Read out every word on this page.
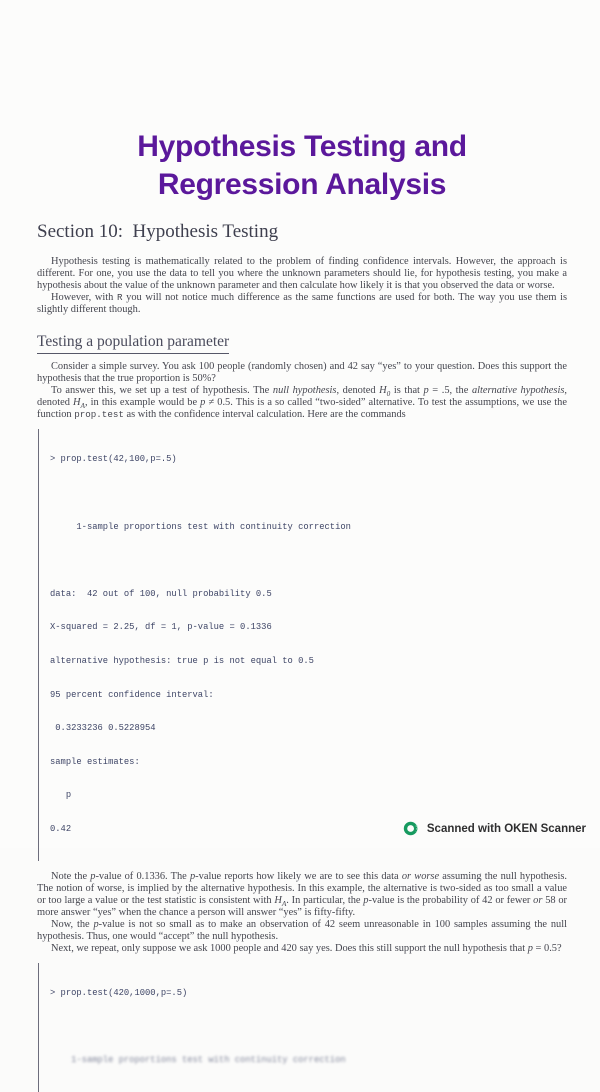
Hypothesis Testing and
Regression Analysis
Section 10:  Hypothesis Testing

Hypothesis testing is mathematically related to the problem of finding confidence intervals. However, the approach is different. For one, you use the data to tell you where the unknown parameters should lie, for hypothesis testing, you make a hypothesis about the value of the unknown parameter and then calculate how likely it is that you observed the data or worse.

However, with R you will not notice much difference as the same functions are used for both. The way you use them is slightly different though.

Testing a population parameter

Consider a simple survey. You ask 100 people (randomly chosen) and 42 say “yes” to your question. Does this support the hypothesis that the true proportion is 50%?

To answer this, we set up a test of hypothesis. The null hypothesis, denoted $H_0$ is that p = .5, the alternative hypothesis, denoted $H_A$, in this example would be p ≠ 0.5. This is a so called “two-sided” alternative. To test the assumptions, we use the function prop.test as with the confidence interval calculation. Here are the commands

> prop.test(42,100,p=.5)

1-sample proportions test with continuity correction

data:  42 out of 100, null probability 0.5

X-squared = 2.25, df = 1, p-value = 0.1336

alternative hypothesis: true p is not equal to 0.5

95 percent confidence interval:

0.3233236 0.5228954

sample estimates:

p

0.42

Note the p-value of 0.1336. The p-value reports how likely we are to see this data or worse assuming the null hypothesis. The notion of worse, is implied by the alternative hypothesis. In this example, the alternative is two-sided as too small a value or too large a value or the test statistic is consistent with $H_A$. In particular, the p-value is the probability of 42 or fewer or 58 or more answer “yes” when the chance a person will answer “yes” is fifty-fifty.

Now, the p-value is not so small as to make an observation of 42 seem unreasonable in 100 samples assuming the null hypothesis. Thus, one would “accept” the null hypothesis.

Next, we repeat, only suppose we ask 1000 people and 420 say yes. Does this still support the null hypothesis that p = 0.5?

> prop.test(420,1000,p=.5)

1-sample proportions test with continuity correction

Scanned with OKEN Scanner
